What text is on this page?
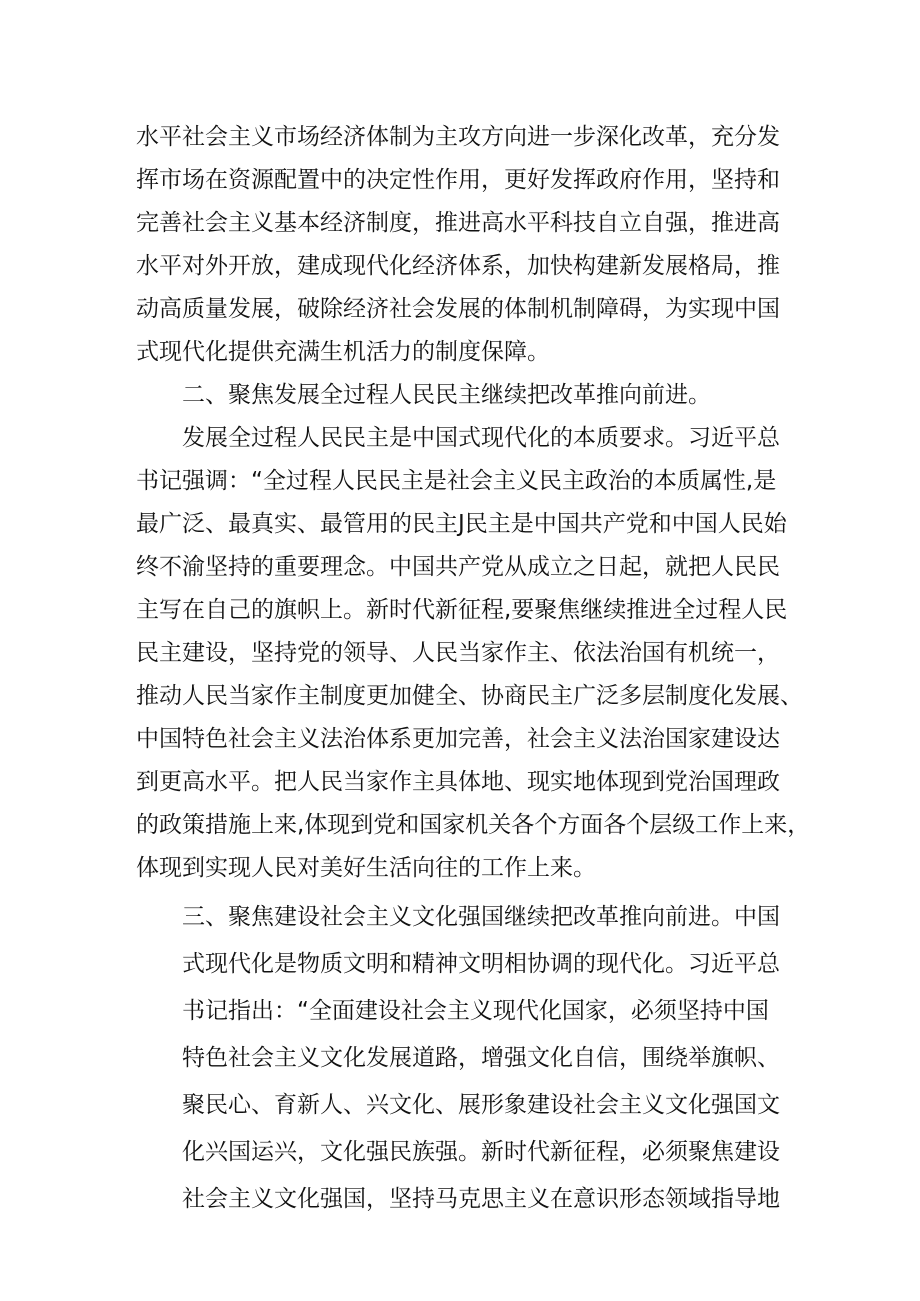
水平社会主义市场经济体制为主攻方向进一步深化改革，充分发

挥市场在资源配置中的决定性作用，更好发挥政府作用，坚持和

完善社会主义基本经济制度，推进高水平科技自立自强，推进高

水平对外开放，建成现代化经济体系，加快构建新发展格局，推

动高质量发展，破除经济社会发展的体制机制障碍，为实现中国

式现代化提供充满生机活力的制度保障。

二、聚焦发展全过程人民民主继续把改革推向前进。

发展全过程人民民主是中国式现代化的本质要求。习近平总

书记强调：“全过程人民民主是社会主义民主政治的本质属性,是

最广泛、最真实、最管用的民主J民主是中国共产党和中国人民始

终不渝坚持的重要理念。中国共产党从成立之日起，就把人民民

主写在自己的旗帜上。新时代新征程,要聚焦继续推进全过程人民

民主建设，坚持党的领导、人民当家作主、依法治国有机统一，

推动人民当家作主制度更加健全、协商民主广泛多层制度化发展、

中国特色社会主义法治体系更加完善，社会主义法治国家建设达

到更高水平。把人民当家作主具体地、现实地体现到党治国理政

的政策措施上来,体现到党和国家机关各个方面各个层级工作上来，

体现到实现人民对美好生活向往的工作上来。

三、聚焦建设社会主义文化强国继续把改革推向前进。中国

式现代化是物质文明和精神文明相协调的现代化。习近平总

书记指出：“全面建设社会主义现代化国家，必须坚持中国

特色社会主义文化发展道路，增强文化自信，围绕举旗帜、

聚民心、育新人、兴文化、展形象建设社会主义文化强国文

化兴国运兴，文化强民族强。新时代新征程，必须聚焦建设

社会主义文化强国，坚持马克思主义在意识形态领域指导地
